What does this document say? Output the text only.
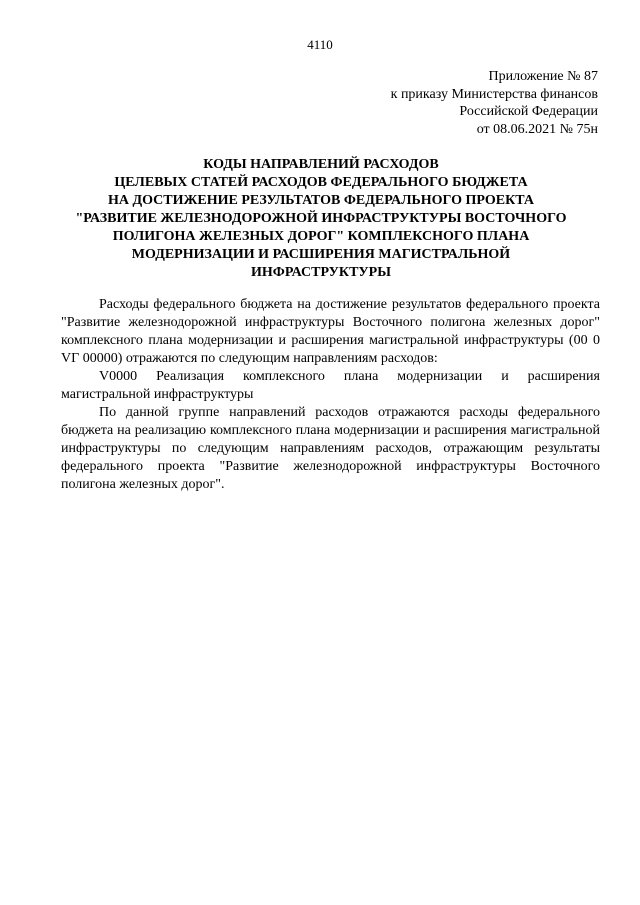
4110
Приложение № 87
к приказу Министерства финансов
Российской Федерации
от 08.06.2021 № 75н
КОДЫ НАПРАВЛЕНИЙ РАСХОДОВ
ЦЕЛЕВЫХ СТАТЕЙ РАСХОДОВ ФЕДЕРАЛЬНОГО БЮДЖЕТА
НА ДОСТИЖЕНИЕ РЕЗУЛЬТАТОВ ФЕДЕРАЛЬНОГО ПРОЕКТА
"РАЗВИТИЕ ЖЕЛЕЗНОДОРОЖНОЙ ИНФРАСТРУКТУРЫ ВОСТОЧНОГО
ПОЛИГОНА ЖЕЛЕЗНЫХ ДОРОГ" КОМПЛЕКСНОГО ПЛАНА
МОДЕРНИЗАЦИИ И РАСШИРЕНИЯ МАГИСТРАЛЬНОЙ
ИНФРАСТРУКТУРЫ

Расходы федерального бюджета на достижение результатов федерального проекта "Развитие железнодорожной инфраструктуры Восточного полигона железных дорог" комплексного плана модернизации и расширения магистральной инфраструктуры (00 0 VГ 00000) отражаются по следующим направлениям расходов:

V0000 Реализация комплексного плана модернизации и расширения магистральной инфраструктуры

По данной группе направлений расходов отражаются расходы федерального бюджета на реализацию комплексного плана модернизации и расширения магистральной инфраструктуры по следующим направлениям расходов, отражающим результаты федерального проекта "Развитие железнодорожной инфраструктуры Восточного полигона железных дорог".
